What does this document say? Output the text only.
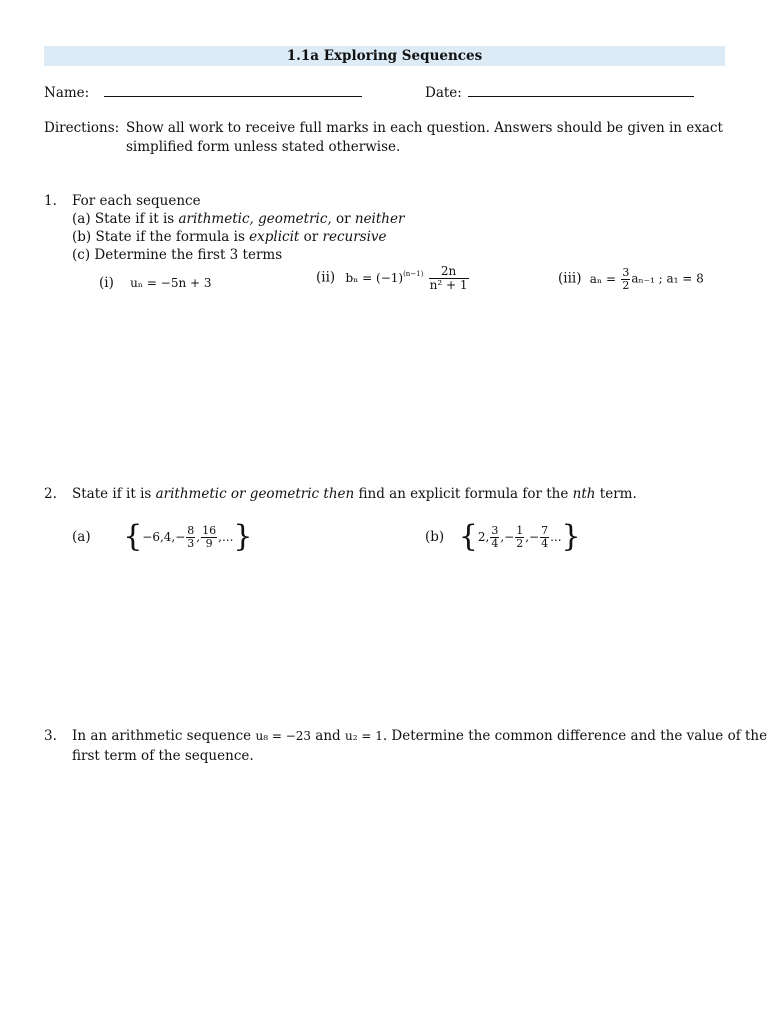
1.1a Exploring Sequences
Name:	Date:
Directions: Show all work to receive full marks in each question. Answers should be given in exact
simplified form unless stated otherwise.
1. For each sequence
(a) State if it is arithmetic, geometric, or neither
(b) State if the formula is explicit or recursive
(c) Determine the first 3 terms
(i) uₙ = −5n + 3	(ii) $b_n = (-1)^{(n-1)} \frac{2n}{\text{n² + 1}}$	(iii) $a_n = \frac{3}{2} a_{n-1}$ ; a₁ = 8
2. State if it is arithmetic or geometric then find an explicit formula for the nth term.
(a) {$-6,4,- \frac{8}{3}$ , $\frac{16}{9}$ ,...}	(b) {2, $\frac{3}{4}$ ,− $\frac{1}{2}$ ,− $\frac{7}{4}$ ...}
3. In an arithmetic sequence u₈ = −23 and u₂ = 1. Determine the common difference and the value of the
first term of the sequence.
